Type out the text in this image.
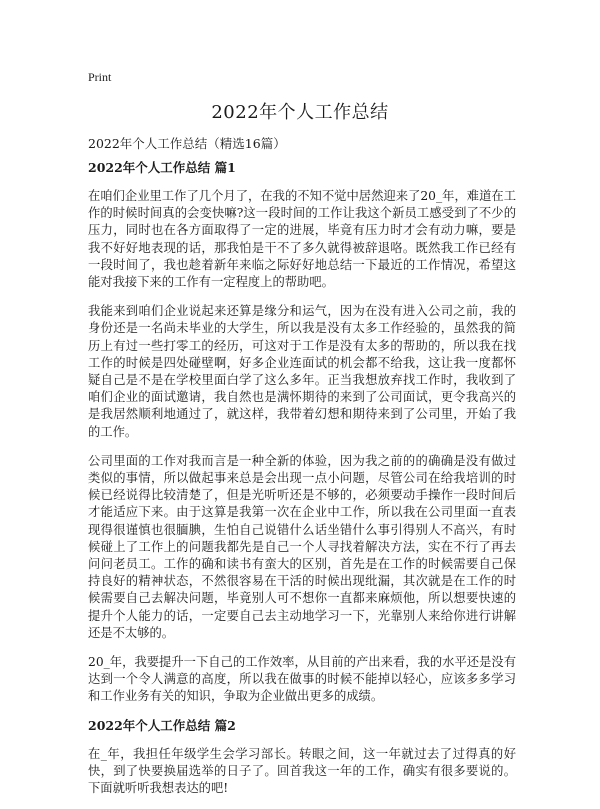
Print
2022年个人工作总结

2022年个人工作总结（精选16篇）

2022年个人工作总结 篇1

在咱们企业里工作了几个月了，在我的不知不觉中居然迎来了20_年，难道在工作的时候时间真的会变快嘛?这一段时间的工作让我这个新员工感受到了不少的压力，同时也在各方面取得了一定的进展，毕竟有压力时才会有动力嘛，要是我不好好地表现的话，那我怕是干不了多久就得被辞退咯。既然我工作已经有一段时间了，我也趁着新年来临之际好好地总结一下最近的工作情况，希望这能对我接下来的工作有一定程度上的帮助吧。

我能来到咱们企业说起来还算是缘分和运气，因为在没有进入公司之前，我的身份还是一名尚未毕业的大学生，所以我是没有太多工作经验的，虽然我的简历上有过一些打零工的经历，可这对于工作是没有太多的帮助的，所以我在找工作的时候是四处碰壁啊，好多企业连面试的机会都不给我，这让我一度都怀疑自己是不是在学校里面白学了这么多年。正当我想放弃找工作时，我收到了咱们企业的面试邀请，我自然也是满怀期待的来到了公司面试，更令我高兴的是我居然顺利地通过了，就这样，我带着幻想和期待来到了公司里，开始了我的工作。

公司里面的工作对我而言是一种全新的体验，因为我之前的的确确是没有做过类似的事情，所以做起事来总是会出现一点小问题，尽管公司在给我培训的时候已经说得比较清楚了，但是光听听还是不够的，必须要动手操作一段时间后才能适应下来。由于这算是我第一次在企业中工作，所以我在公司里面一直表现得很谨慎也很腼腆，生怕自己说错什么话坐错什么事引得别人不高兴，有时候碰上了工作上的问题我都先是自己一个人寻找着解决方法，实在不行了再去问问老员工。工作的确和读书有蛮大的区别，首先是在工作的时候需要自己保持良好的精神状态，不然很容易在干活的时候出现纰漏，其次就是在工作的时候需要自己去解决问题，毕竟别人可不想你一直都来麻烦他，所以想要快速的提升个人能力的话，一定要自己去主动地学习一下，光靠别人来给你进行讲解还是不太够的。

20_年，我要提升一下自己的工作效率，从目前的产出来看，我的水平还是没有达到一个令人满意的高度，所以我在做事的时候不能掉以轻心，应该多多学习和工作业务有关的知识，争取为企业做出更多的成绩。

2022年个人工作总结 篇2

在_年，我担任年级学生会学习部长。转眼之间，这一年就过去了过得真的好快，到了快要换届选举的日子了。回首我这一年的工作，确实有很多要说的。下面就听听我想表达的吧!
